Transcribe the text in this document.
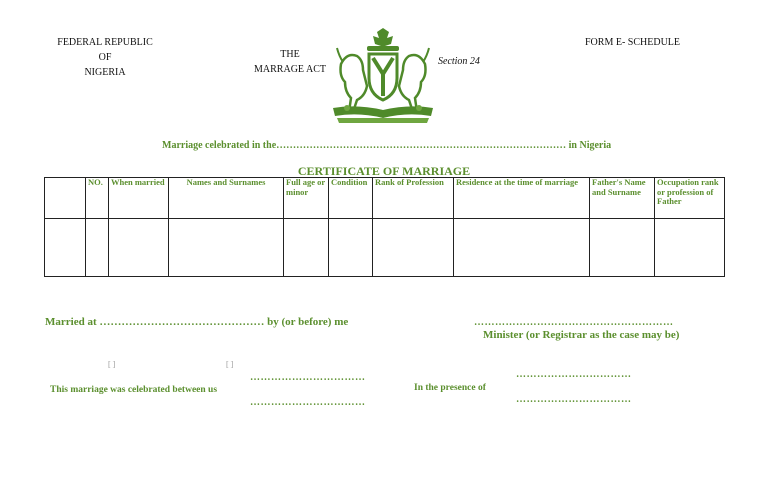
FEDERAL REPUBLIC
OF
NIGERIA
THE
MARRAGE ACT
Section 24
FORM E- SCHEDULE
Marriage celebrated in the…………………………………………………………………………… in Nigeria
CERTIFICATE OF MARRIAGE
	NO.	When married	Names and Surnames	Full age or minor	Condition	Rank of Profession	Residence at the time of marriage	Father's Name and Surname	Occupation rank or profession of Father

Married at ……………………………………… by (or before) me	…………………………………………………
Minister (or Registrar as the case may be)
[ ]	[ ]
This marriage was celebrated between us
……………………………
……………………………
In the presence of
……………………………
……………………………
